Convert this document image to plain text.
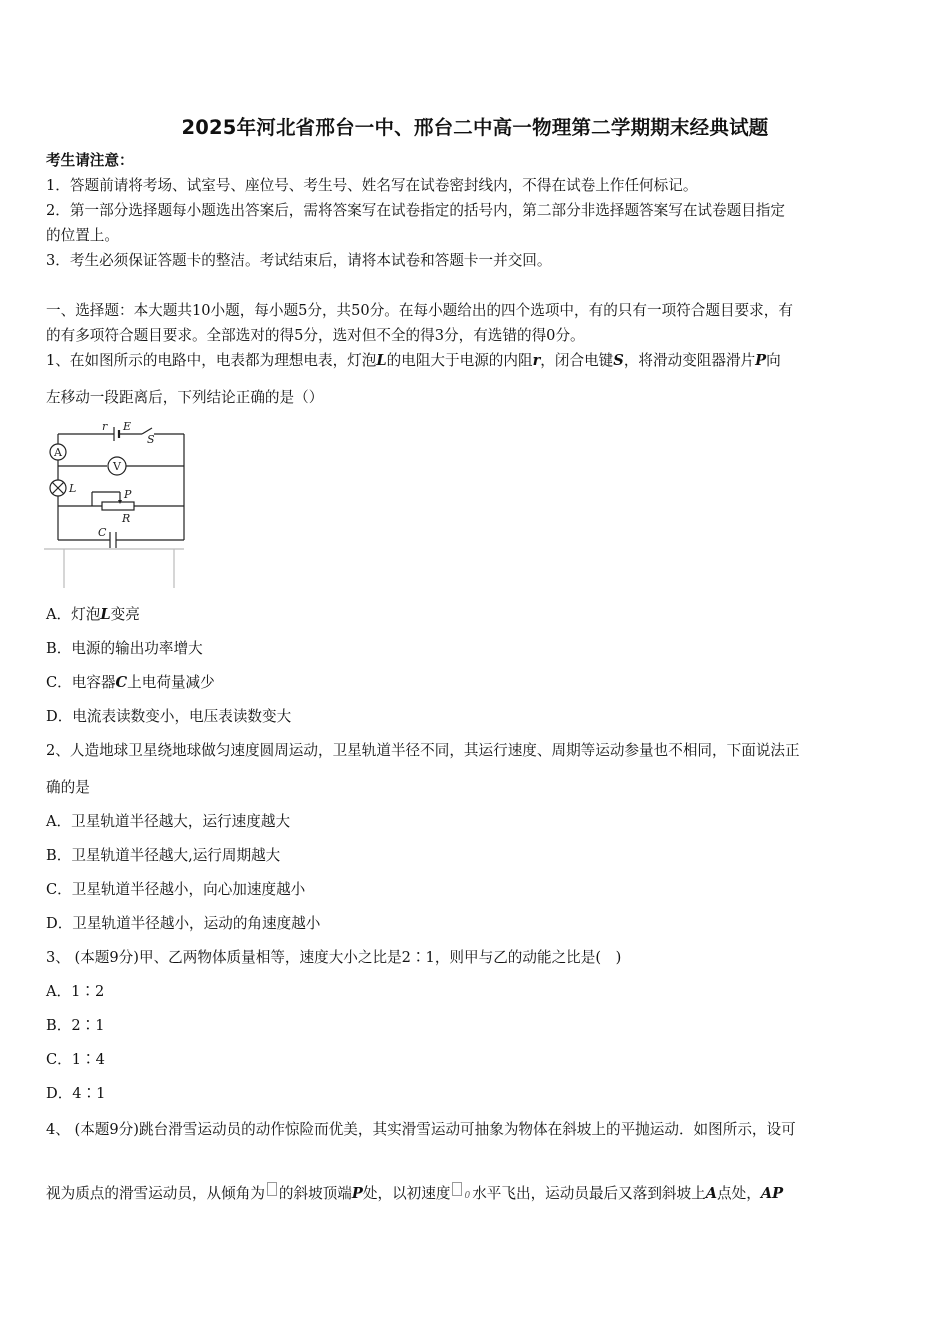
2025年河北省邢台一中、邢台二中高一物理第二学期期末经典试题
考生请注意：
1．答题前请将考场、试室号、座位号、考生号、姓名写在试卷密封线内，不得在试卷上作任何标记。
2．第一部分选择题每小题选出答案后，需将答案写在试卷指定的括号内，第二部分非选择题答案写在试卷题目指定
的位置上。
3．考生必须保证答题卡的整洁。考试结束后，请将本试卷和答题卡一并交回。
一、选择题：本大题共10小题，每小题5分，共50分。在每小题给出的四个选项中，有的只有一项符合题目要求，有
的有多项符合题目要求。全部选对的得5分，选对但不全的得3分，有选错的得0分。
1、在如图所示的电路中，电表都为理想电表，灯泡L的电阻大于电源的内阻r，闭合电键S，将滑动变阻器滑片P向
左移动一段距离后，下列结论正确的是（）
r E
S
A
V
L	P
R
C
A．灯泡L变亮
B．电源的输出功率增大
C．电容器C上电荷量减少
D．电流表读数变小，电压表读数变大
2、人造地球卫星绕地球做匀速度圆周运动，卫星轨道半径不同，其运行速度、周期等运动参量也不相同，下面说法正
确的是
A．卫星轨道半径越大，运行速度越大
B．卫星轨道半径越大,运行周期越大
C．卫星轨道半径越小，向心加速度越小
D．卫星轨道半径越小，运动的角速度越小
3、 (本题9分)甲、乙两物体质量相等，速度大小之比是2∶1，则甲与乙的动能之比是(　)
A．1∶2
B．2∶1
C．1∶4
D．4∶1
4、 (本题9分)跳台滑雪运动员的动作惊险而优美，其实滑雪运动可抽象为物体在斜坡上的平抛运动．如图所示，设可
视为质点的滑雪运动员，从倾角为 的斜坡顶端P处，以初速度 0 水平飞出，运动员最后又落到斜坡上A点处，AP
